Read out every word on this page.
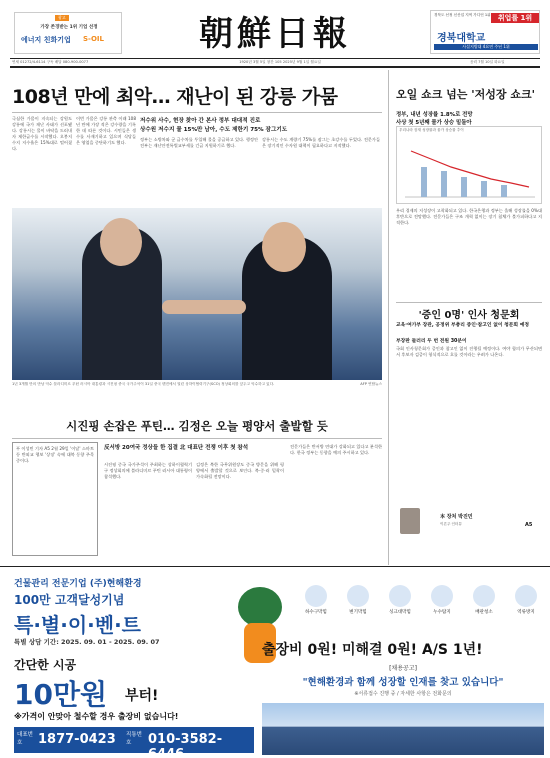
광고
가장 존경받는 1위 기업 선정
에너지 친화기업 S-OIL	朝鮮日報	경북도 선정 신산업 지역 가디언 1위	취업률 1위
경북대학교
사설지방대 4요연 주년 1위
연세 01272/4-6114 구독 배달 080-900-0077	1920년 3월 5일 창간 105 2025년 9월 1일 월요일	음력 7월 10일 화요일
108년 만에 최악… 재난이 된 강릉 가뭄
저수위 사수, 현장 찾아 간 본사 정부 대대적 진로
상수원 저수지 물 15%만 남아, 수도 제한기 75% 잠그기도
극심한 가뭄이 지속되는 강원도 강릉에 국가 재난 사태가 선포됐다. 강릉시는 물이 바닥을 드러내자 제한급수를 시작했다. 오봉저수지 저수율은 15%대로 떨어졌다.
이번 가뭄은 강릉 관측 이래 108년 만에 가장 적은 강수량을 기록한 데 따른 것이다. 시민들은 생수를 사재기하고 있으며 식당들은 영업을 중단하기도 했다.
정부는 소방차와 군 급수차를 투입해 물을 공급하고 있다. 행정안전부는 재난안전특별교부세를 긴급 지원하기로 했다.
강릉시는 수도 계량기 75%를 잠그는 초강수를 두었다. 전문가들은 장기적인 수자원 대책이 필요하다고 지적했다.
1년 3개월 만의 만남 악수 블라디미르 푸틴 러시아 대통령과 시진핑 중국 국가주석이 31일 중국 톈진에서 열린 상하이협력기구(SCO) 정상회의를 앞두고 악수하고 있다.	AFP 연합뉴스
시진핑 손잡은 푸틴… 김정은 오늘 평양서 출발할 듯
푸 이성민 기자 A5 2월 29일 '이달' 스마트 등 반외교 행보 '상징' 속에 대북 동향 주목 중이다.
反서방 20여국 정상들 한 집결 北 대표단 전쟁 이후 첫 참석
시진핑 중국 국가주석이 주최하는 상하이협력기구 정상회의에 블라디미르 푸틴 러시아 대통령이 참석했다.
김정은 북한 국무위원장도 중국 방문을 위해 평양에서 출발할 것으로 보인다. 북·중·러 밀착이 가속화될 전망이다.
전문가들은 반서방 연대가 강화되고 있다고 분석한다. 한국 정부는 동향을 예의 주시하고 있다.
오일 쇼크 넘는 '저성장 쇼크'
정부, 내년 성장률 1.8%로 전망
사상 첫 5년째 물가 상승 밑돌아
우리나라 잠재 성장률과 물가 상승률 추이
우리 경제의 저성장이 고착화되고 있다. 한국은행과 정부는 올해 성장률을 0%대 후반으로 전망했다. 전문가들은 구조 개혁 없이는 장기 침체가 불가피하다고 지적한다.
'증인 0명' 인사 청문회
교육·여가부 장관, 공정위 부총리 증인·참고인 없이 청문회 예정
부장판 들러리 두 번 전원 30분이
국회 인사청문회가 증인과 참고인 없이 진행될 예정이다. 여야 합의가 무산되면서 후보자 검증이 형식적으로 흐를 것이라는 우려가 나온다.
本 장처 박진민
이론주 인터뷰	A5
건물관리 전문기업 (주)현해환경
100만 고객달성기념
특·별·이·벤·트
특별 상담 기간: 2025. 09. 01 - 2025. 09. 07
간단한 시공
10만원 부터!
※가격이 안맞아 철수할 경우 출장비 없습니다!
대표번호	1877-0423 직통번호	010-3582-6446
하수구막힘	변기막힘	싱크대막힘	누수탐지	배관청소	역류방지
출장비 0원! 미해결 0원! A/S 1년!
[채용공고]
"현해환경과 함께 성장할 인재를 찾고 있습니다"
※서류접수 진행 중 / 자세한 사항은 전화문의
